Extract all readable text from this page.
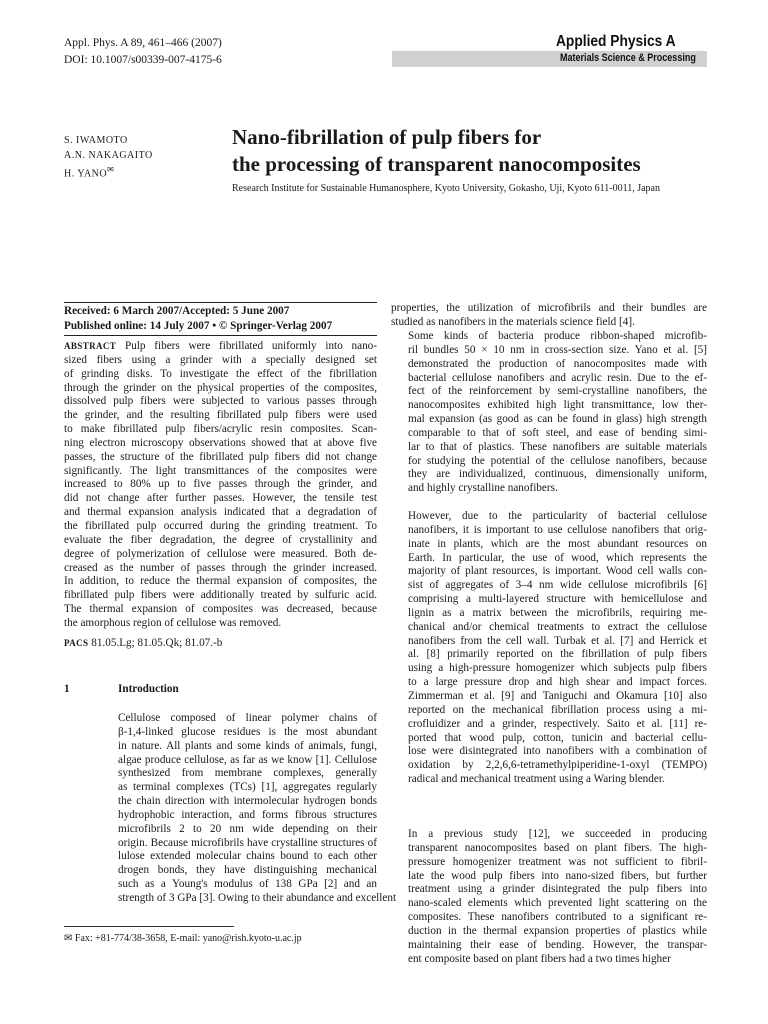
Appl. Phys. A 89, 461–466 (2007)
DOI: 10.1007/s00339-007-4175-6
Applied Physics A
Materials Science & Processing
S. IWAMOTO
A.N. NAKAGAITO
H. YANO✉
Nano-fibrillation of pulp fibers for
the processing of transparent nanocomposites
Research Institute for Sustainable Humanosphere, Kyoto University, Gokasho, Uji, Kyoto 611-0011, Japan
Received: 6 March 2007/Accepted: 5 June 2007
Published online: 14 July 2007 • © Springer-Verlag 2007
ABSTRACT Pulp fibers were fibrillated uniformly into nano-
sized fibers using a grinder with a specially designed set
of grinding disks. To investigate the effect of the fibrillation
through the grinder on the physical properties of the composites,
dissolved pulp fibers were subjected to various passes through
the grinder, and the resulting fibrillated pulp fibers were used
to make fibrillated pulp fibers/acrylic resin composites. Scan-
ning electron microscopy observations showed that at above five
passes, the structure of the fibrillated pulp fibers did not change
significantly. The light transmittances of the composites were
increased to 80% up to five passes through the grinder, and
did not change after further passes. However, the tensile test
and thermal expansion analysis indicated that a degradation of
the fibrillated pulp occurred during the grinding treatment. To
evaluate the fiber degradation, the degree of crystallinity and
degree of polymerization of cellulose were measured. Both de-
creased as the number of passes through the grinder increased.
In addition, to reduce the thermal expansion of composites, the
fibrillated pulp fibers were additionally treated by sulfuric acid.
The thermal expansion of composites was decreased, because
the amorphous region of cellulose was removed.
PACS 81.05.Lg; 81.05.Qk; 81.07.-b
1	Introduction
Cellulose composed of linear polymer chains of
β-1,4-linked glucose residues is the most abundant
in nature. All plants and some kinds of animals, fungi,
algae produce cellulose, as far as we know [1]. Cellulose
synthesized from membrane complexes, generally
as terminal complexes (TCs) [1], aggregates regularly
the chain direction with intermolecular hydrogen bonds
hydrophobic interaction, and forms fibrous structures
microfibrils 2 to 20 nm wide depending on their
origin. Because microfibrils have crystalline structures of
lulose extended molecular chains bound to each other
drogen bonds, they have distinguishing mechanical
such as a Young's modulus of 138 GPa [2] and an
strength of 3 GPa [3]. Owing to their abundance and excellent
✉ Fax: +81-774/38-3658, E-mail: yano@rish.kyoto-u.ac.jp
properties, the utilization of microfibrils and their bundles are
studied as nanofibers in the materials science field [4].
Some kinds of bacteria produce ribbon-shaped microfib-
ril bundles 50 × 10 nm in cross-section size. Yano et al. [5]
demonstrated the production of nanocomposites made with
bacterial cellulose nanofibers and acrylic resin. Due to the ef-
fect of the reinforcement by semi-crystalline nanofibers, the
nanocomposites exhibited high light transmittance, low ther-
mal expansion (as good as can be found in glass) high strength
comparable to that of soft steel, and ease of bending simi-
lar to that of plastics. These nanofibers are suitable materials
for studying the potential of the cellulose nanofibers, because
they are individualized, continuous, dimensionally uniform,
and highly crystalline nanofibers.
However, due to the particularity of bacterial cellulose
nanofibers, it is important to use cellulose nanofibers that orig-
inate in plants, which are the most abundant resources on
Earth. In particular, the use of wood, which represents the
majority of plant resources, is important. Wood cell walls con-
sist of aggregates of 3–4 nm wide cellulose microfibrils [6]
comprising a multi-layered structure with hemicellulose and
lignin as a matrix between the microfibrils, requiring me-
chanical and/or chemical treatments to extract the cellulose
nanofibers from the cell wall. Turbak et al. [7] and Herrick et
al. [8] primarily reported on the fibrillation of pulp fibers
using a high-pressure homogenizer which subjects pulp fibers
to a large pressure drop and high shear and impact forces.
Zimmerman et al. [9] and Taniguchi and Okamura [10] also
reported on the mechanical fibrillation process using a mi-
crofluidizer and a grinder, respectively. Saito et al. [11] re-
ported that wood pulp, cotton, tunicin and bacterial cellu-
lose were disintegrated into nanofibers with a combination of
oxidation by 2,2,6,6-tetramethylpiperidine-1-oxyl (TEMPO)
radical and mechanical treatment using a Waring blender.
In a previous study [12], we succeeded in producing
transparent nanocomposites based on plant fibers. The high-
pressure homogenizer treatment was not sufficient to fibril-
late the wood pulp fibers into nano-sized fibers, but further
treatment using a grinder disintegrated the pulp fibers into
nano-scaled elements which prevented light scattering on the
composites. These nanofibers contributed to a significant re-
duction in the thermal expansion properties of plastics while
maintaining their ease of bending. However, the transpar-
ent composite based on plant fibers had a two times higher
